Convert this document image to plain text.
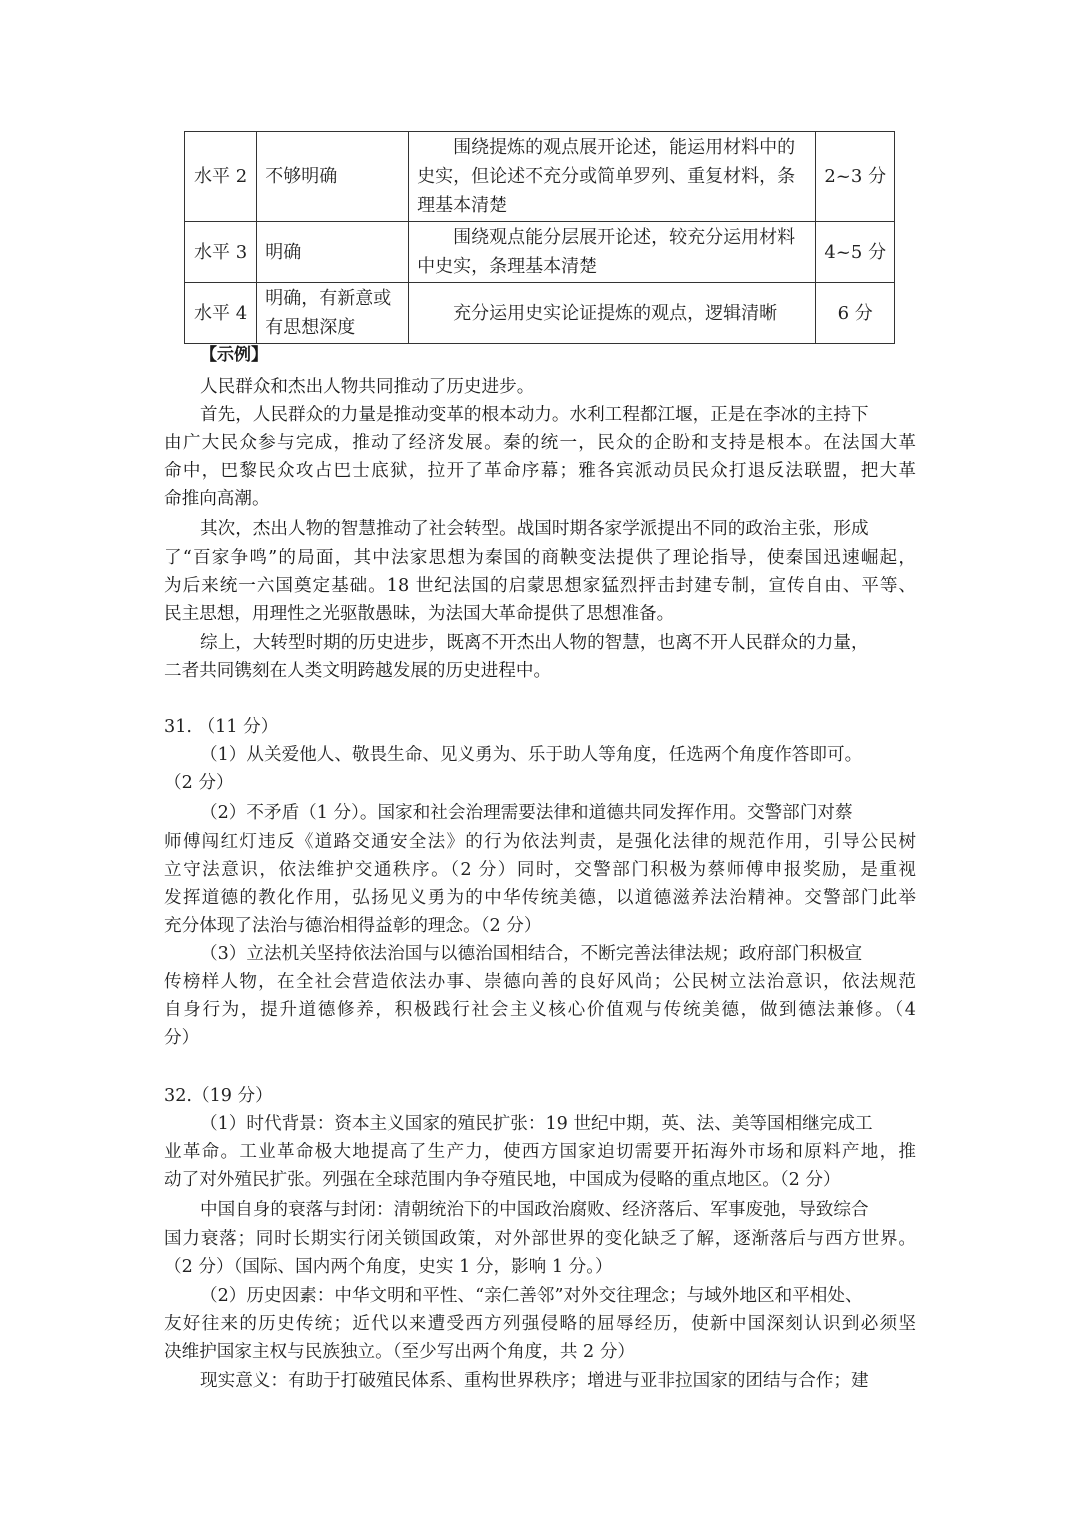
水平 2	不够明确	围绕提炼的观点展开论述，能运用材料中的史实，但论述不充分或简单罗列、重复材料，条理基本清楚	2~3 分
水平 3	明确	围绕观点能分层展开论述，较充分运用材料中史实，条理基本清楚	4~5 分
水平 4	明确，有新意或有思想深度	充分运用史实论证提炼的观点，逻辑清晰	6 分
【示例】
人民群众和杰出人物共同推动了历史进步。
首先，人民群众的力量是推动变革的根本动力。水利工程都江堰，正是在李冰的主持下
由广大民众参与完成，推动了经济发展。秦的统一，民众的企盼和支持是根本。在法国大革
命中，巴黎民众攻占巴士底狱，拉开了革命序幕；雅各宾派动员民众打退反法联盟，把大革
命推向高潮。
其次，杰出人物的智慧推动了社会转型。战国时期各家学派提出不同的政治主张，形成
了“百家争鸣”的局面，其中法家思想为秦国的商鞅变法提供了理论指导，使秦国迅速崛起，
为后来统一六国奠定基础。18 世纪法国的启蒙思想家猛烈抨击封建专制，宣传自由、平等、
民主思想，用理性之光驱散愚昧，为法国大革命提供了思想准备。
综上，大转型时期的历史进步，既离不开杰出人物的智慧，也离不开人民群众的力量，
二者共同镌刻在人类文明跨越发展的历史进程中。
31. （11 分）
（1）从关爱他人、敬畏生命、见义勇为、乐于助人等角度，任选两个角度作答即可。
（2 分）
（2）不矛盾（1 分）。国家和社会治理需要法律和道德共同发挥作用。交警部门对蔡
师傅闯红灯违反《道路交通安全法》的行为依法判责，是强化法律的规范作用，引导公民树
立守法意识，依法维护交通秩序。（2 分）同时，交警部门积极为蔡师傅申报奖励，是重视
发挥道德的教化作用，弘扬见义勇为的中华传统美德，以道德滋养法治精神。交警部门此举
充分体现了法治与德治相得益彰的理念。（2 分）
（3）立法机关坚持依法治国与以德治国相结合，不断完善法律法规；政府部门积极宣
传榜样人物，在全社会营造依法办事、崇德向善的良好风尚；公民树立法治意识，依法规范
自身行为，提升道德修养，积极践行社会主义核心价值观与传统美德，做到德法兼修。（4
分）
32.（19 分）
（1）时代背景：资本主义国家的殖民扩张：19 世纪中期，英、法、美等国相继完成工
业革命。工业革命极大地提高了生产力，使西方国家迫切需要开拓海外市场和原料产地，推
动了对外殖民扩张。列强在全球范围内争夺殖民地，中国成为侵略的重点地区。（2 分）
中国自身的衰落与封闭：清朝统治下的中国政治腐败、经济落后、军事废弛，导致综合
国力衰落；同时长期实行闭关锁国政策，对外部世界的变化缺乏了解，逐渐落后与西方世界。
（2 分）（国际、国内两个角度，史实 1 分，影响 1 分。）
（2）历史因素：中华文明和平性、“亲仁善邻”对外交往理念；与域外地区和平相处、
友好往来的历史传统；近代以来遭受西方列强侵略的屈辱经历，使新中国深刻认识到必须坚
决维护国家主权与民族独立。（至少写出两个角度，共 2 分）
现实意义：有助于打破殖民体系、重构世界秩序；增进与亚非拉国家的团结与合作；建
